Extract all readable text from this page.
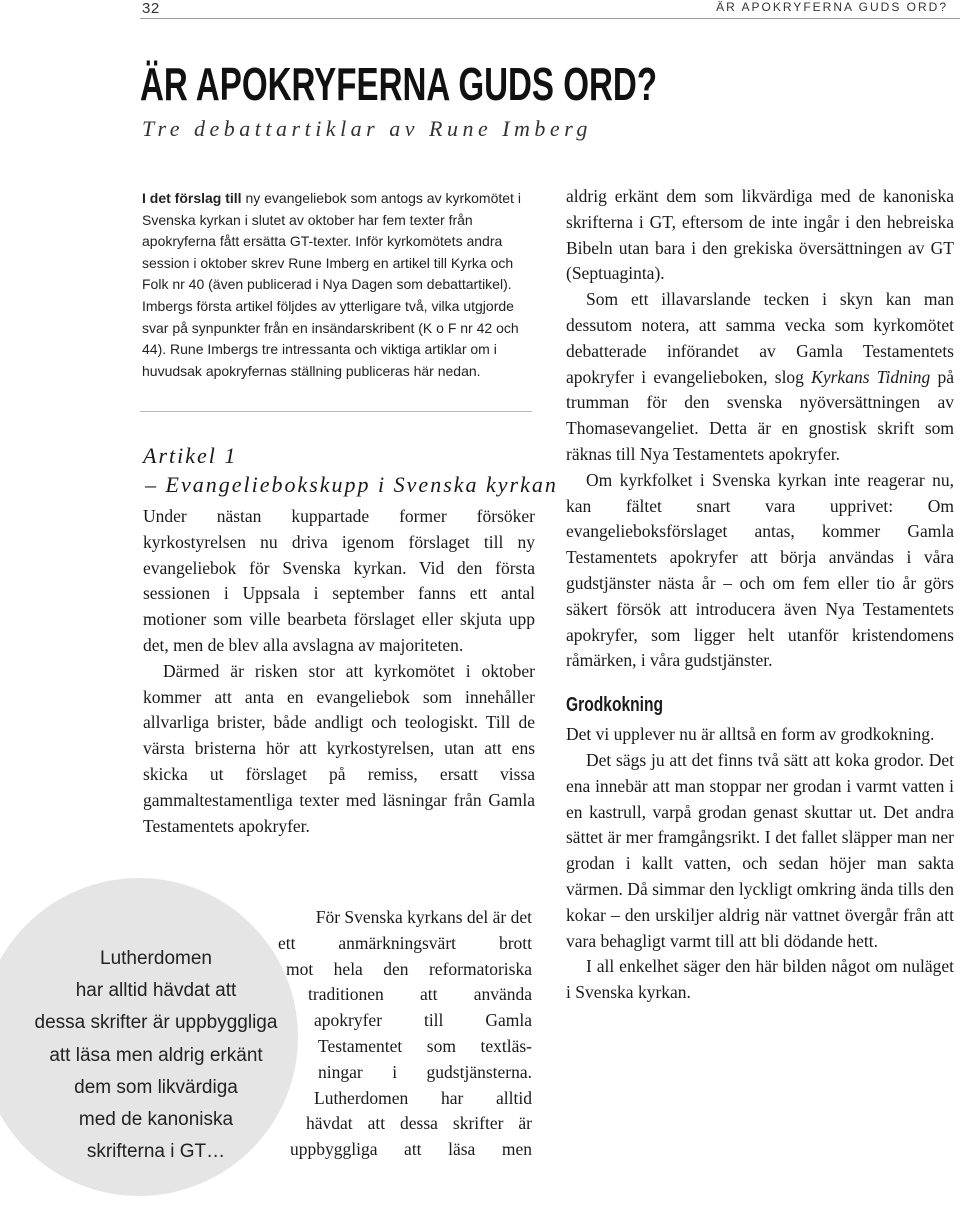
32	ÄR APOKRYFERNA GUDS ORD?
ÄR APOKRYFERNA GUDS ORD?
Tre debattartiklar av Rune Imberg

I det förslag till ny evangeliebok som antogs av kyrkomötet i Svenska kyrkan i slutet av oktober har fem texter från apokryferna fått ersätta GT-texter. Inför kyrkomötets andra session i oktober skrev Rune Imberg en artikel till Kyrka och Folk nr 40 (även publicerad i Nya Dagen som debattartikel). Imbergs första artikel följdes av ytterligare två, vilka utgjorde svar på synpunkter från en insändarskribent (K o F nr 42 och 44). Rune Imbergs tre intressanta och viktiga artiklar om i huvudsak apokryfernas ställning publiceras här nedan.

Artikel 1
– Evangeliebokskupp i Svenska kyrkan

Under nästan kuppartade former försöker kyrkostyrelsen nu driva igenom förslaget till ny evangeliebok för Svenska kyrkan. Vid den första sessionen i Uppsala i september fanns ett antal motioner som ville bearbeta förslaget eller skjuta upp det, men de blev alla avslagna av majoriteten.

Därmed är risken stor att kyrkomötet i oktober kommer att anta en evangeliebok som innehåller allvarliga brister, både andligt och teologiskt. Till de värsta bristerna hör att kyrkostyrelsen, utan att ens skicka ut förslaget på remiss, ersatt vissa gammaltestamentliga texter med läsningar från Gamla Testamentets apokryfer.

Lutherdomen
har alltid hävdat att
dessa skrifter är uppbyggliga
att läsa men aldrig erkänt
dem som likvärdiga
med de kanoniska
skrifterna i GT…
För Svenska kyrkans del är det
ett anmärkningsvärt brott
mot hela den reformatoriska
traditionen att använda
apokryfer till Gamla
Testamentet som textläs-
ningar i gudstjänsterna.
Lutherdomen har alltid
hävdat att dessa skrifter är
uppbyggliga att läsa men

aldrig erkänt dem som likvärdiga med de kanoniska skrifterna i GT, eftersom de inte ingår i den hebreiska Bibeln utan bara i den grekiska översättningen av GT (Septuaginta).

Som ett illavarslande tecken i skyn kan man dessutom notera, att samma vecka som kyrkomötet debatterade införandet av Gamla Testamentets apokryfer i evangelieboken, slog Kyrkans Tidning på trumman för den svenska nyöversättningen av Thomasevangeliet. Detta är en gnostisk skrift som räknas till Nya Testamentets apokryfer.

Om kyrkfolket i Svenska kyrkan inte reagerar nu, kan fältet snart vara upprivet: Om evangelieboksförslaget antas, kommer Gamla Testamentets apokryfer att börja användas i våra gudstjänster nästa år – och om fem eller tio år görs säkert försök att introducera även Nya Testamentets apokryfer, som ligger helt utanför kristendomens råmärken, i våra gudstjänster.

Grodkokning

Det vi upplever nu är alltså en form av grodkokning.

Det sägs ju att det finns två sätt att koka grodor. Det ena innebär att man stoppar ner grodan i varmt vatten i en kastrull, varpå grodan genast skuttar ut. Det andra sättet är mer framgångsrikt. I det fallet släpper man ner grodan i kallt vatten, och sedan höjer man sakta värmen. Då simmar den lyckligt omkring ända tills den kokar – den urskiljer aldrig när vattnet övergår från att vara behagligt varmt till att bli dödande hett.

I all enkelhet säger den här bilden något om nuläget i Svenska kyrkan.
